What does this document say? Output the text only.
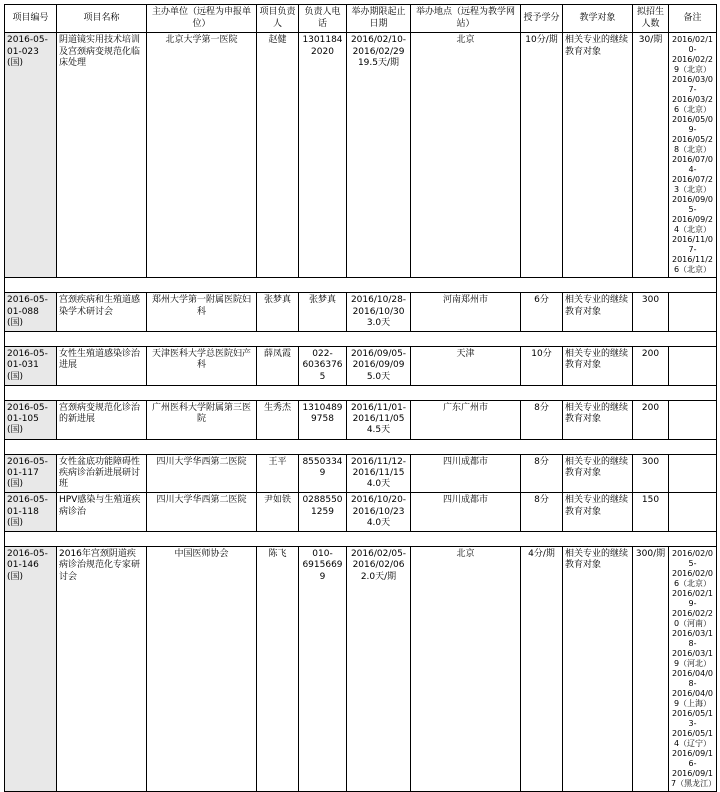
项目编号	项目名称	主办单位（远程为申报单位）	项目负责人	负责人电话	举办期限起止日期	举办地点（远程为教学网站）	授予学分	教学对象	拟招生人数	备注
2016-05-01-023 (国)	阴道镜实用技术培训及宫颈病变规范化临床处理	北京大学第一医院	赵健	13011842020	2016/02/10-2016/02/29 19.5天/期	北京	10分/期	相关专业的继续教育对象	30/期	2016/02/10-2016/02/29（北京）2016/03/07-2016/03/26（北京）2016/05/09-2016/05/28（北京）2016/07/04-2016/07/23（北京）2016/09/05-2016/09/24（北京）2016/11/07-2016/11/26（北京）

2016-05-01-088 (国)	宫颈疾病和生殖道感染学术研讨会	郑州大学第一附属医院妇科	张梦真	张梦真	2016/10/28-2016/10/30 3.0天	河南郑州市	6分	相关专业的继续教育对象	300	

2016-05-01-031 (国)	女性生殖道感染诊治进展	天津医科大学总医院妇产科	薛凤霞	022-60363765	2016/09/05-2016/09/09 5.0天	天津	10分	相关专业的继续教育对象	200	

2016-05-01-105 (国)	宫颈病变规范化诊治的新进展	广州医科大学附属第三医院	生秀杰	13104899758	2016/11/01-2016/11/05 4.5天	广东广州市	8分	相关专业的继续教育对象	200	

2016-05-01-117 (国)	女性盆底功能障碍性疾病诊治新进展研讨班	四川大学华西第二医院	王平	85503349	2016/11/12-2016/11/15 4.0天	四川成都市	8分	相关专业的继续教育对象	300	
2016-05-01-118 (国)	HPV感染与生殖道疾病诊治	四川大学华西第二医院	尹如铁	02885501259	2016/10/20-2016/10/23 4.0天	四川成都市	8分	相关专业的继续教育对象	150	

2016-05-01-146 (国)	2016年宫颈阴道疾病诊治规范化专家研讨会	中国医师协会	陈飞	010-69156699	2016/02/05-2016/02/06 2.0天/期	北京	4分/期	相关专业的继续教育对象	300/期	2016/02/05-2016/02/06（北京）2016/02/19-2016/02/20（河南）2016/03/18-2016/03/19（河北）2016/04/08-2016/04/09（上海）2016/05/13-2016/05/14（辽宁）2016/09/16-2016/09/17（黑龙江）
